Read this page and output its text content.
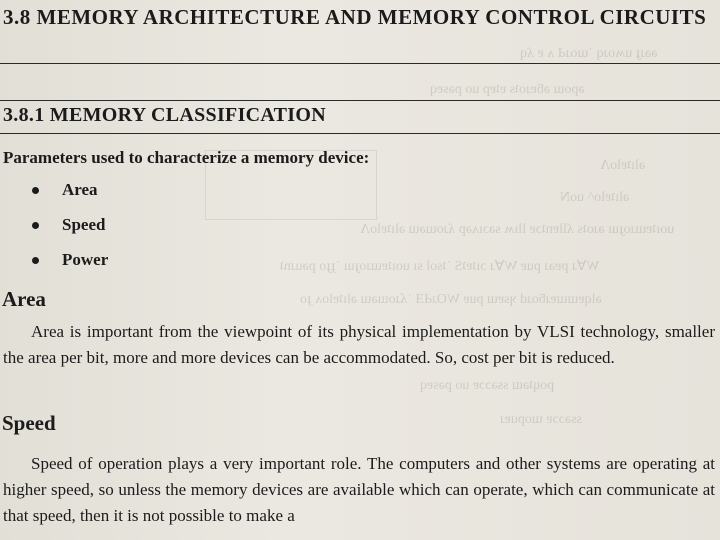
ǝǝɹɟ uʍoɹq ˙ɯoɹԀ ʌ ɐ ʎq
ǝpoɯ ǝƃɐɹoʇs ɐʇɐp uo pǝsɐq
ǝlıʇɐloΛ
ǝlıʇɐlo^ uoN
uoıʇɐɯɹoɟuı ǝɹoʇs ʎllɐnʇɔɐ llıʍ sǝɔıʌǝp ʎɹoɯǝɯ ǝlıʇɐloΛ
WⱯɹ pɐǝɹ puɐ WⱯɹ ɔıʇɐʇS ˙ʇsol sı uoıʇɐɯɹoɟuı ˙ɟɟo pǝuɹnʇ
ǝlqɐɯɯɐɹƃoɹd ʞsɐɯ puɐ WOɹԀƎ ˙ʎɹoɯǝɯ ǝlıʇɐloʌ ɟo
poɥʇǝɯ ssǝɔɔɐ uo pǝsɐq
ssǝɔɔɐ ɯopuɐɹ
3.8 MEMORY ARCHITECTURE AND MEMORY CONTROL CIRCUITS
3.8.1 MEMORY CLASSIFICATION
Parameters used to characterize a memory device:
Area
Speed
Power
Area
Area is important from the viewpoint of its physical implementation by VLSI technology, smaller the area per bit, more and more devices can be accommodated. So, cost per bit is reduced.
Speed
Speed of operation plays a very important role. The computers and other systems are operating at higher speed, so unless the memory devices are available which can operate, which can communicate at that speed, then it is not possible to make a
